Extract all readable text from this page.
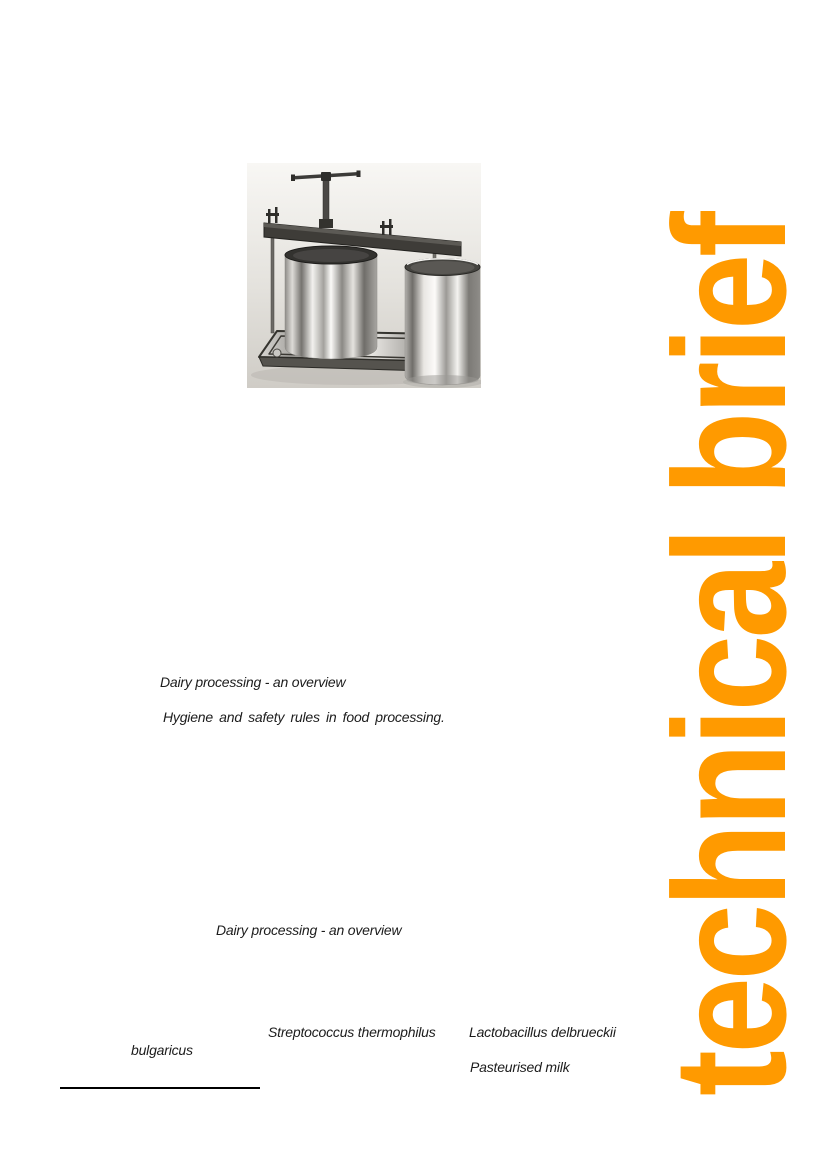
technical brief
Dairy processing - an overview
Hygiene and safety rules in food processing.
Dairy processing - an overview
Streptococcus thermophilus Lactobacillus delbrueckii
bulgaricus
Pasteurised milk
